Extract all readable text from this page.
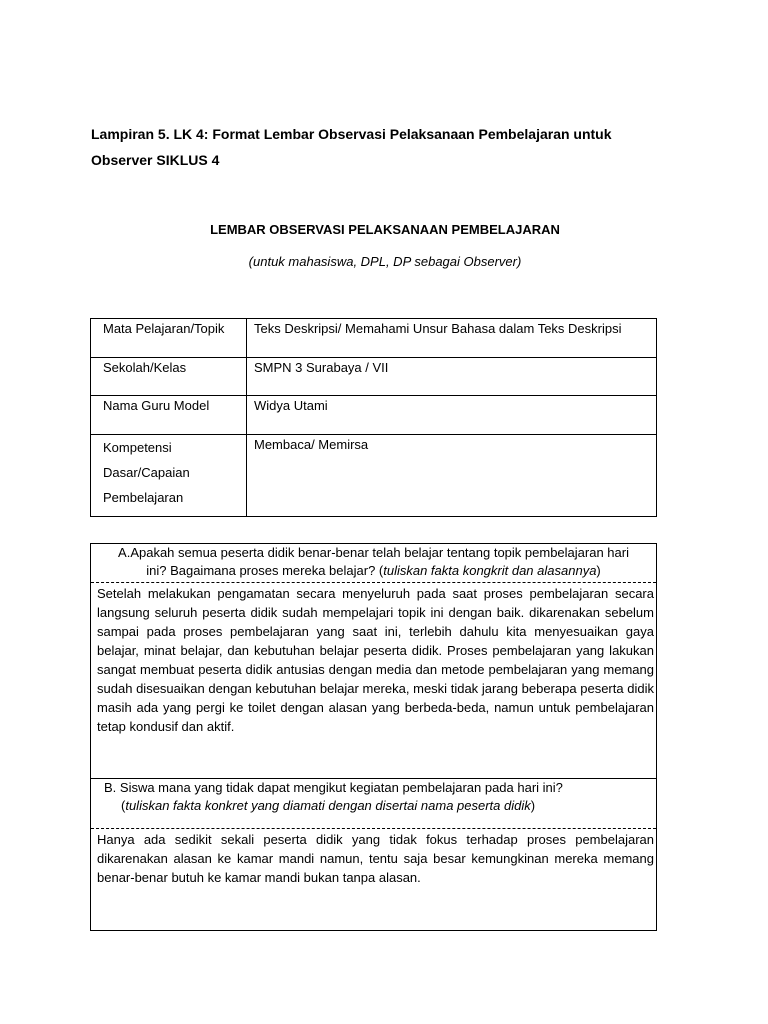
Lampiran 5. LK 4: Format Lembar Observasi Pelaksanaan Pembelajaran untuk
Observer SIKLUS 4
LEMBAR OBSERVASI PELAKSANAAN PEMBELAJARAN

(untuk mahasiswa, DPL, DP sebagai Observer)

Mata Pelajaran/Topik	Teks Deskripsi/ Memahami Unsur Bahasa dalam Teks Deskripsi

Sekolah/Kelas	SMPN 3 Surabaya / VII

Nama Guru Model	Widya Utami

Kompetensi
Dasar/Capaian
Pembelajaran	Membaca/ Memirsa
A.Apakah semua peserta didik benar-benar telah belajar tentang topik pembelajaran hari
ini? Bagaimana proses mereka belajar? (tuliskan fakta kongkrit dan alasannya)

Setelah melakukan pengamatan secara menyeluruh pada saat proses pembelajaran secara langsung seluruh peserta didik sudah mempelajari topik ini dengan baik. dikarenakan sebelum sampai pada proses pembelajaran yang saat ini, terlebih dahulu kita menyesuaikan gaya belajar, minat belajar, dan kebutuhan belajar peserta didik. Proses pembelajaran yang lakukan sangat membuat peserta didik antusias dengan media dan metode pembelajaran yang memang sudah disesuaikan dengan kebutuhan belajar mereka, meski tidak jarang beberapa peserta didik masih ada yang pergi ke toilet dengan alasan yang berbeda-beda, namun untuk pembelajaran tetap kondusif dan aktif.

B. Siswa mana yang tidak dapat mengikut kegiatan pembelajaran pada hari ini?
(tuliskan fakta konkret yang diamati dengan disertai nama peserta didik)

Hanya ada sedikit sekali peserta didik yang tidak fokus terhadap proses pembelajaran dikarenakan alasan ke kamar mandi namun, tentu saja besar kemungkinan mereka memang benar-benar butuh ke kamar mandi bukan tanpa alasan.
